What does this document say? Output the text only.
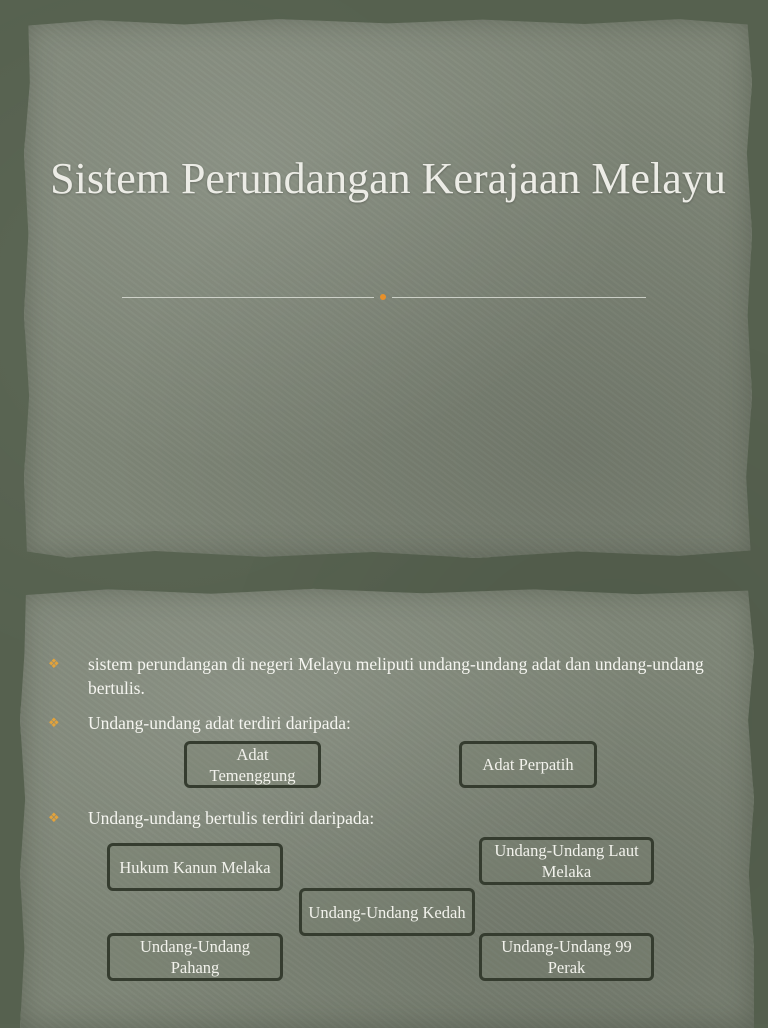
Sistem Perundangan Kerajaan Melayu
❖ sistem perundangan di negeri Melayu meliputi undang-undang adat dan undang-undang bertulis.
❖ Undang-undang adat terdiri daripada:
Adat Temenggung
Adat Perpatih
❖ Undang-undang bertulis terdiri daripada:
Hukum Kanun Melaka
Undang-Undang Laut Melaka
Undang-Undang Kedah
Undang-Undang Pahang
Undang-Undang 99 Perak
